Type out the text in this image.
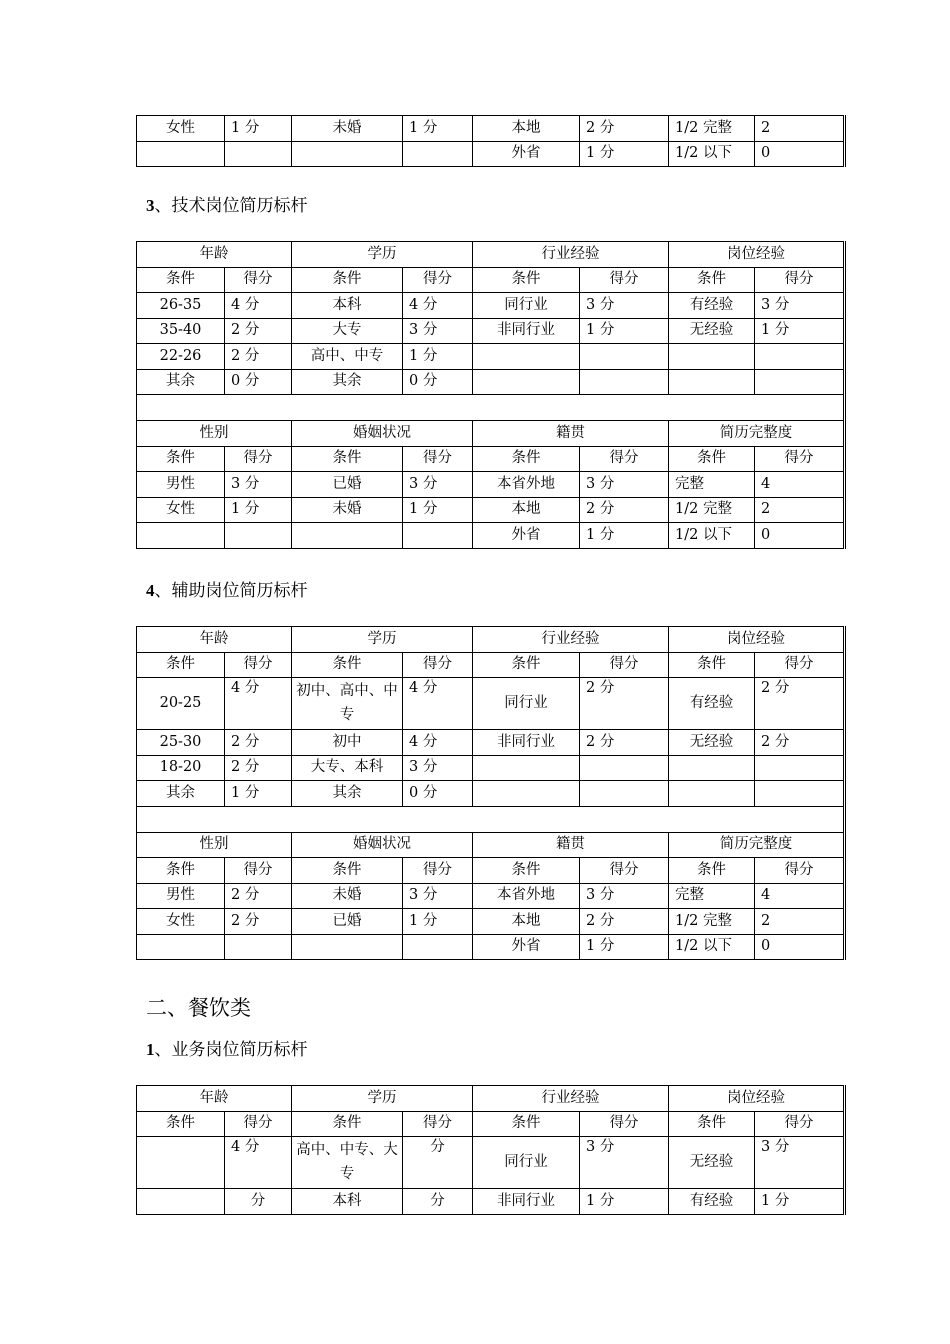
女性	1 分	未婚	1 分	本地	2 分	1/2 完整	2
				外省	1 分	1/2 以下	0
3、技术岗位简历标杆
年龄		学历		行业经验		岗位经验	
条件	得分	条件	得分	条件	得分	条件	得分
26-35	4 分	本科	4 分	同行业	3 分	有经验	3 分
35-40	2 分	大专	3 分	非同行业	1 分	无经验	1 分
22-26	2 分	高中、中专	1 分				
其余	0 分	其余	0 分				

性别		婚姻状况		籍贯		简历完整度	
条件	得分	条件	得分	条件	得分	条件	得分
男性	3 分	已婚	3 分	本省外地	3 分	完整	4
女性	1 分	未婚	1 分	本地	2 分	1/2 完整	2
				外省	1 分	1/2 以下	0
4、辅助岗位简历标杆
年龄		学历		行业经验		岗位经验	
条件	得分	条件	得分	条件	得分	条件	得分
20-25	4 分	初中、高中、中专	4 分	同行业	2 分	有经验	2 分
25-30	2 分	初中	4 分	非同行业	2 分	无经验	2 分
18-20	2 分	大专、本科	3 分				
其余	1 分	其余	0 分				

性别		婚姻状况		籍贯		简历完整度	
条件	得分	条件	得分	条件	得分	条件	得分
男性	2 分	未婚	3 分	本省外地	3 分	完整	4
女性	2 分	已婚	1 分	本地	2 分	1/2 完整	2
				外省	1 分	1/2 以下	0
二、餐饮类
1、业务岗位简历标杆
年龄		学历		行业经验		岗位经验	
条件	得分	条件	得分	条件	得分	条件	得分
	4 分	高中、中专、大专	分	同行业	3 分	无经验	3 分
	分	本科	分	非同行业	1 分	有经验	1 分
